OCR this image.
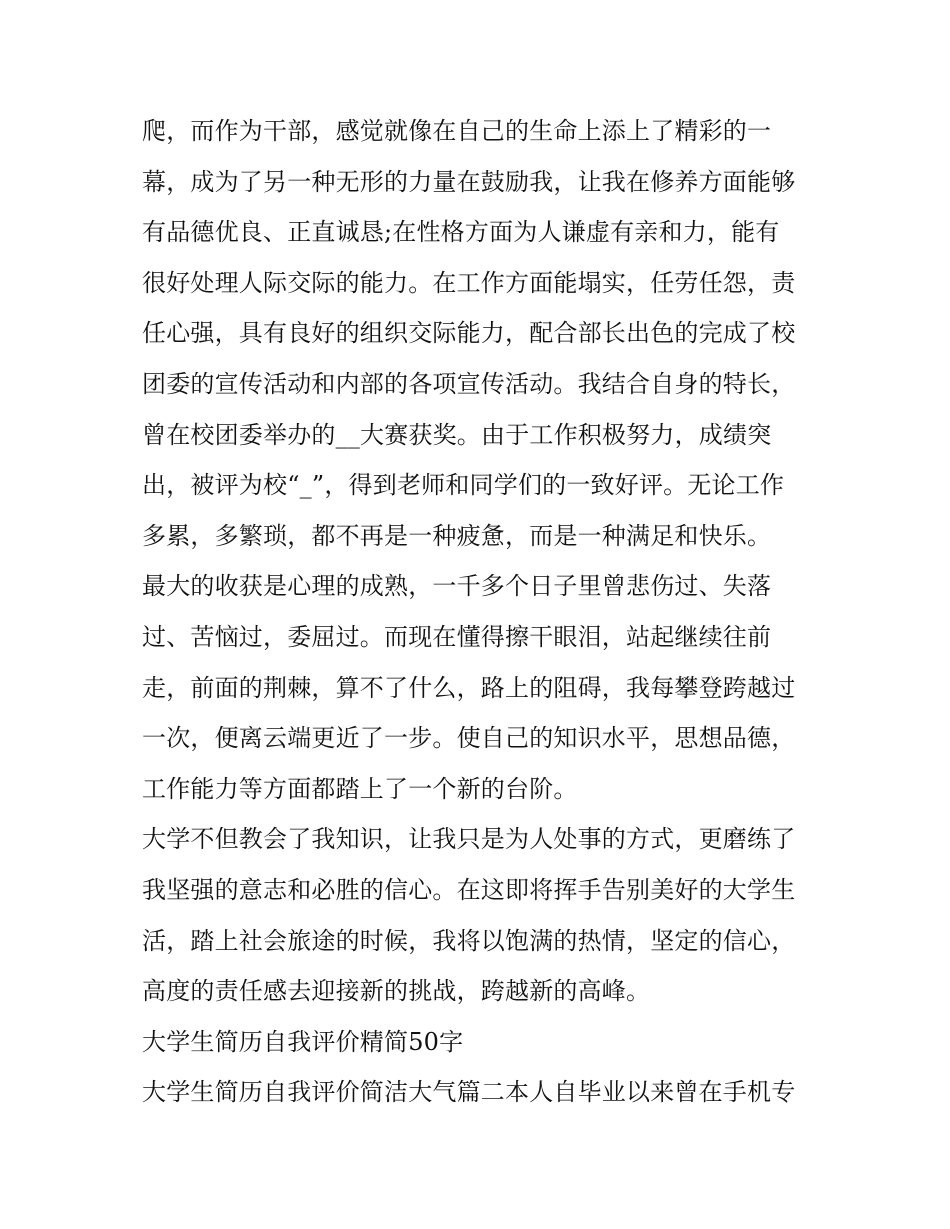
爬，而作为干部，感觉就像在自己的生命上添上了精彩的一
幕，成为了另一种无形的力量在鼓励我，让我在修养方面能够
有品德优良、正直诚恳;在性格方面为人谦虚有亲和力，能有
很好处理人际交际的能力。在工作方面能塌实，任劳任怨，责
任心强，具有良好的组织交际能力，配合部长出色的完成了校
团委的宣传活动和内部的各项宣传活动。我结合自身的特长，
曾在校团委举办的__大赛获奖。由于工作积极努力，成绩突
出，被评为校“_”，得到老师和同学们的一致好评。无论工作
多累，多繁琐，都不再是一种疲惫，而是一种满足和快乐。
最大的收获是心理的成熟，一千多个日子里曾悲伤过、失落
过、苦恼过，委屈过。而现在懂得擦干眼泪，站起继续往前
走，前面的荆棘，算不了什么，路上的阻碍，我每攀登跨越过
一次，便离云端更近了一步。使自己的知识水平，思想品德，
工作能力等方面都踏上了一个新的台阶。
大学不但教会了我知识，让我只是为人处事的方式，更磨练了
我坚强的意志和必胜的信心。在这即将挥手告别美好的大学生
活，踏上社会旅途的时候，我将以饱满的热情，坚定的信心，
高度的责任感去迎接新的挑战，跨越新的高峰。
大学生简历自我评价精简50字
大学生简历自我评价简洁大气篇二本人自毕业以来曾在手机专
